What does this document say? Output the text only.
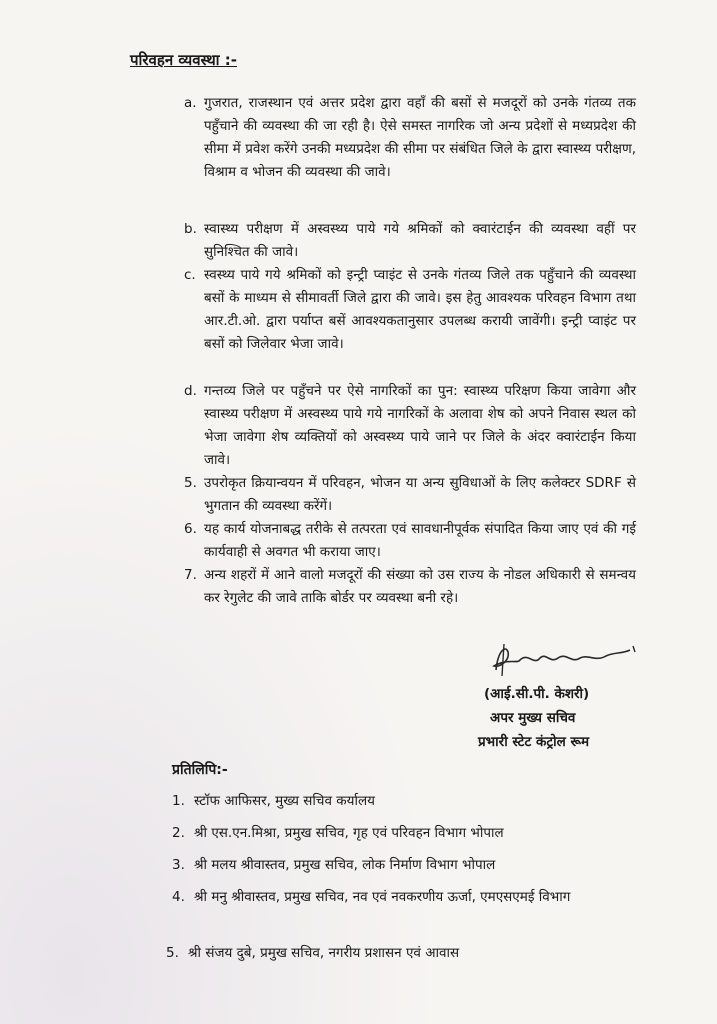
परिवहन व्यवस्था :-
a. गुजरात, राजस्थान एवं अत्तर प्रदेश द्वारा वहाँ की बसों से मजदूरों को उनके गंतव्य तक पहुँचाने की व्यवस्था की जा रही है। ऐसे समस्त नागरिक जो अन्य प्रदेशों से मध्यप्रदेश की सीमा में प्रवेश करेंगे उनकी मध्यप्रदेश की सीमा पर संबंधित जिले के द्वारा स्वास्थ्य परीक्षण, विश्राम व भोजन की व्यवस्था की जावे।
b. स्वास्थ्य परीक्षण में अस्वस्थ्य पाये गये श्रमिकों को क्वारंटाईन की व्यवस्था वहीं पर सुनिश्चित की जावे।
c. स्वस्थ्य पाये गये श्रमिकों को इन्ट्री प्वाइंट से उनके गंतव्य जिले तक पहुँचाने की व्यवस्था बसों के माध्यम से सीमावर्ती जिले द्वारा की जावे। इस हेतु आवश्यक परिवहन विभाग तथा आर.टी.ओ. द्वारा पर्याप्त बसें आवश्यकतानुसार उपलब्ध करायी जावेंगी। इन्ट्री प्वाइंट पर बसों को जिलेवार भेजा जावे।
d. गन्तव्य जिले पर पहुँचने पर ऐसे नागरिकों का पुन: स्वास्थ्य परिक्षण किया जावेगा और स्वास्थ्य परीक्षण में अस्वस्थ्य पाये गये नागरिकों के अलावा शेष को अपने निवास स्थल को भेजा जावेगा शेष व्यक्तियों को अस्वस्थ्य पाये जाने पर जिले के अंदर क्वारंटाईन किया जावे।
5. उपरोकृत क्रियान्वयन में परिवहन, भोजन या अन्य सुविधाओं के लिए कलेक्टर SDRF से भुगतान की व्यवस्था करेंगें।
6. यह कार्य योजनाबद्ध तरीके से तत्परता एवं सावधानीपूर्वक संपादित किया जाए एवं की गई कार्यवाही से अवगत भी कराया जाए।
7. अन्य शहरों में आने वालो मजदूरों की संख्या को उस राज्य के नोडल अधिकारी से समन्वय कर रेगुलेट की जावे ताकि बोर्डर पर व्यवस्था बनी रहे।
(आई.सी.पी. केशरी)
अपर मुख्य सचिव
प्रभारी स्टेट कंट्रोल रूम
प्रतिलिपि:-
1. स्टॉफ आफिसर, मुख्य सचिव कर्यालय
2. श्री एस.एन.मिश्रा, प्रमुख सचिव, गृह एवं परिवहन विभाग भोपाल
3. श्री मलय श्रीवास्तव, प्रमुख सचिव, लोक निर्माण विभाग भोपाल
4. श्री मनु श्रीवास्तव, प्रमुख सचिव, नव एवं नवकरणीय ऊर्जा, एमएसएमई विभाग
5. श्री संजय दुबे, प्रमुख सचिव, नगरीय प्रशासन एवं आवास
